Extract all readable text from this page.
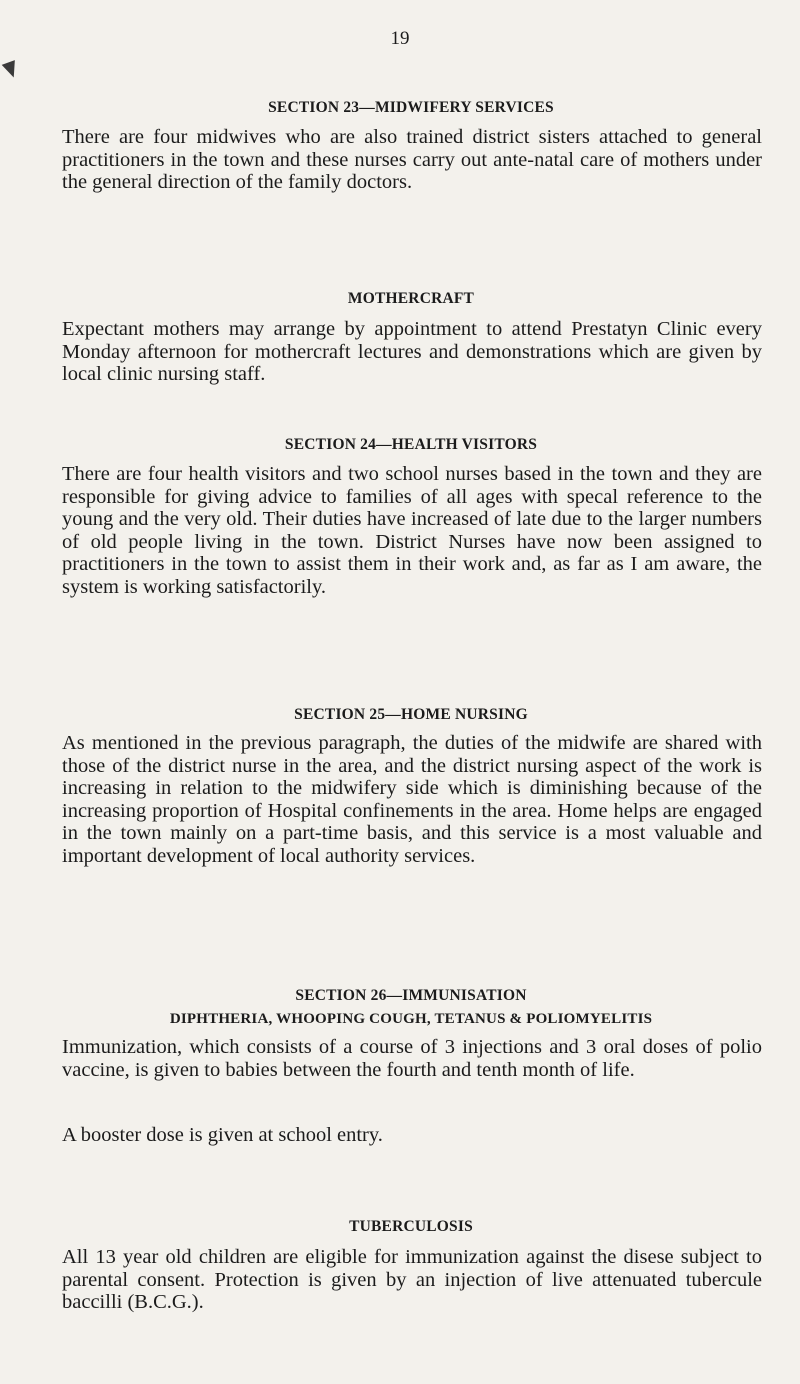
19
SECTION 23—MIDWIFERY SERVICES

There are four midwives who are also trained district sisters attached to general practitioners in the town and these nurses carry out ante-natal care of mothers under the general direction of the family doctors.

MOTHERCRAFT

Expectant mothers may arrange by appointment to attend Prestatyn Clinic every Monday afternoon for mothercraft lectures and demonstrations which are given by local clinic nursing staff.

SECTION 24—HEALTH VISITORS

There are four health visitors and two school nurses based in the town and they are responsible for giving advice to families of all ages with specal reference to the young and the very old. Their duties have increased of late due to the larger numbers of old people living in the town. District Nurses have now been assigned to practitioners in the town to assist them in their work and, as far as I am aware, the system is working satisfactorily.

SECTION 25—HOME NURSING

As mentioned in the previous paragraph, the duties of the midwife are shared with those of the district nurse in the area, and the district nursing aspect of the work is increasing in relation to the midwifery side which is diminishing because of the increasing proportion of Hospital confinements in the area. Home helps are engaged in the town mainly on a part-time basis, and this service is a most valuable and important development of local authority services.

SECTION 26—IMMUNISATION
DIPHTHERIA, WHOOPING COUGH, TETANUS & POLIOMYELITIS

Immunization, which consists of a course of 3 injections and 3 oral doses of polio vaccine, is given to babies between the fourth and tenth month of life.

A booster dose is given at school entry.

TUBERCULOSIS

All 13 year old children are eligible for immunization against the disese subject to parental consent. Protection is given by an injection of live attenuated tubercule baccilli (B.C.G.).
